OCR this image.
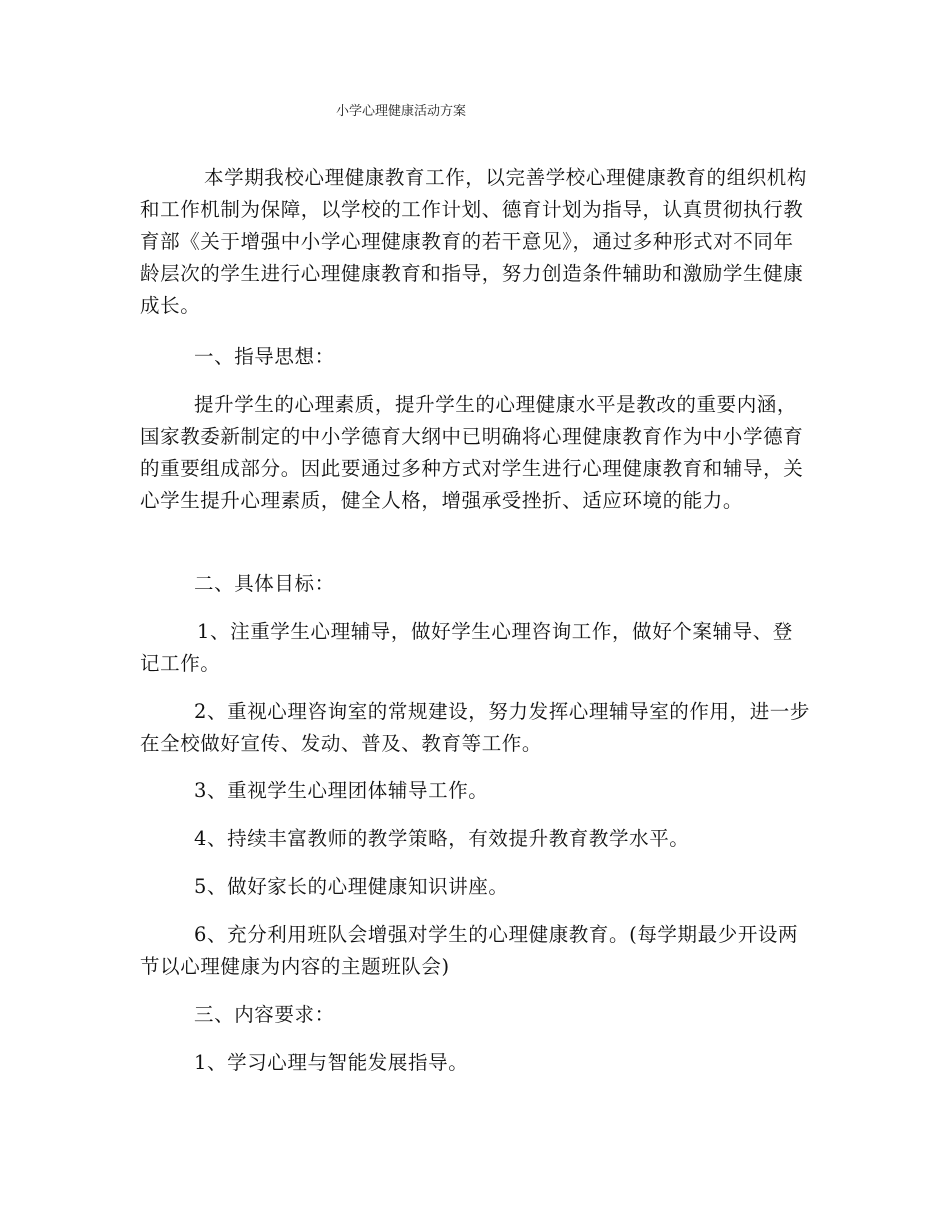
小学心理健康活动方案

本学期我校心理健康教育工作，以完善学校心理健康教育的组织机构和工作机制为保障，以学校的工作计划、德育计划为指导，认真贯彻执行教育部《关于增强中小学心理健康教育的若干意见》，通过多种形式对不同年龄层次的学生进行心理健康教育和指导，努力创造条件辅助和激励学生健康成长。

一、指导思想：

提升学生的心理素质，提升学生的心理健康水平是教改的重要内涵，国家教委新制定的中小学德育大纲中已明确将心理健康教育作为中小学德育的重要组成部分。因此要通过多种方式对学生进行心理健康教育和辅导，关心学生提升心理素质，健全人格，增强承受挫折、适应环境的能力。

二、具体目标：

1、注重学生心理辅导，做好学生心理咨询工作，做好个案辅导、登记工作。

2、重视心理咨询室的常规建设，努力发挥心理辅导室的作用，进一步在全校做好宣传、发动、普及、教育等工作。

3、重视学生心理团体辅导工作。

4、持续丰富教师的教学策略，有效提升教育教学水平。

5、做好家长的心理健康知识讲座。

6、充分利用班队会增强对学生的心理健康教育。(每学期最少开设两节以心理健康为内容的主题班队会)

三、内容要求：

1、学习心理与智能发展指导。
